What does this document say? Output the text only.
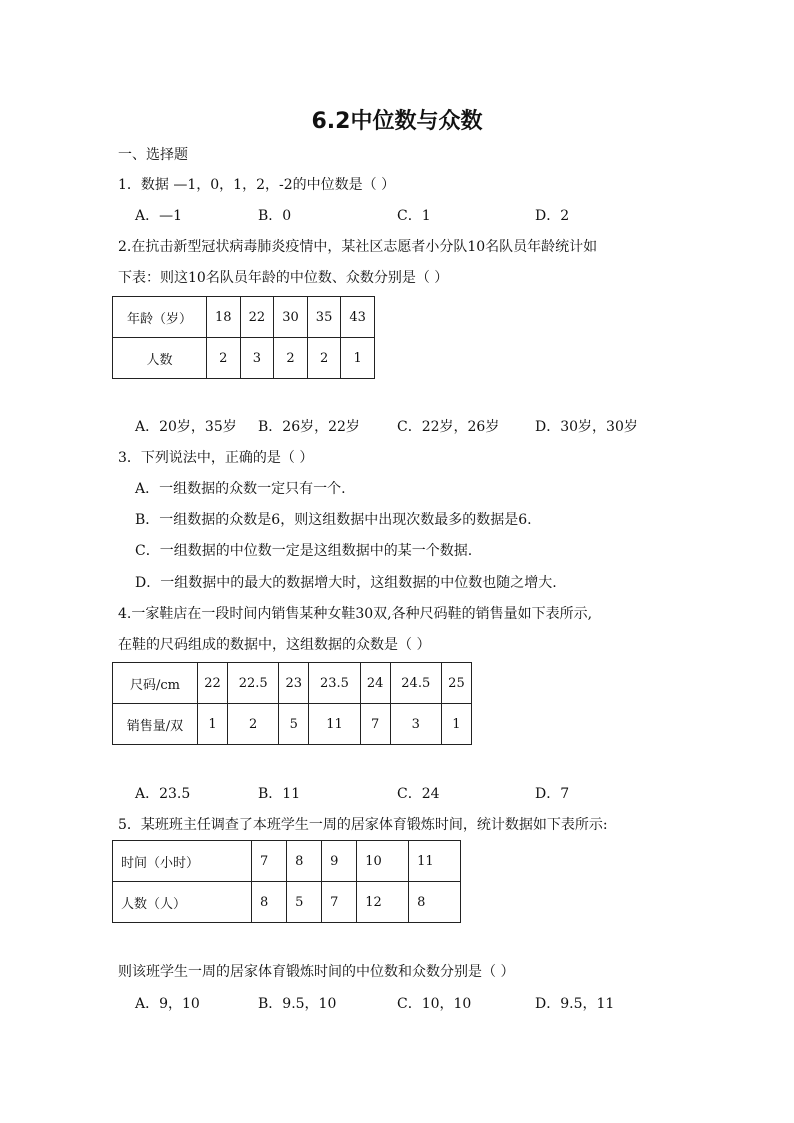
6.2中位数与众数
一、选择题
1．数据 —1，0，1，2，-2的中位数是（ ）
A．—1	B．0	C．1	D．2
2.在抗击新型冠状病毒肺炎疫情中，某社区志愿者小分队10名队员年龄统计如
下表：则这10名队员年龄的中位数、众数分别是（ ）
年龄（岁）	18	22	30	35	43
人数	2	3	2	2	1
A．20岁，35岁 B．26岁，22岁	C．22岁，26岁	D．30岁，30岁
3．下列说法中，正确的是（ ）
A．一组数据的众数一定只有一个.
B．一组数据的众数是6，则这组数据中出现次数最多的数据是6.
C．一组数据的中位数一定是这组数据中的某一个数据.
D．一组数据中的最大的数据增大时，这组数据的中位数也随之增大.
4.一家鞋店在一段时间内销售某种女鞋30双,各种尺码鞋的销售量如下表所示,
在鞋的尺码组成的数据中，这组数据的众数是（ ）
尺码/cm	22	22.5	23	23.5	24	24.5	25
销售量/双	1	2	5	11	7	3	1
A．23.5	B．11	C．24	D．7
5．某班班主任调查了本班学生一周的居家体育锻炼时间，统计数据如下表所示:
时间（小时）	7	8	9	10	11
人数（人）	8	5	7	12	8
则该班学生一周的居家体育锻炼时间的中位数和众数分别是（ ）
A．9，10	B．9.5，10	C．10，10	D．9.5，11
